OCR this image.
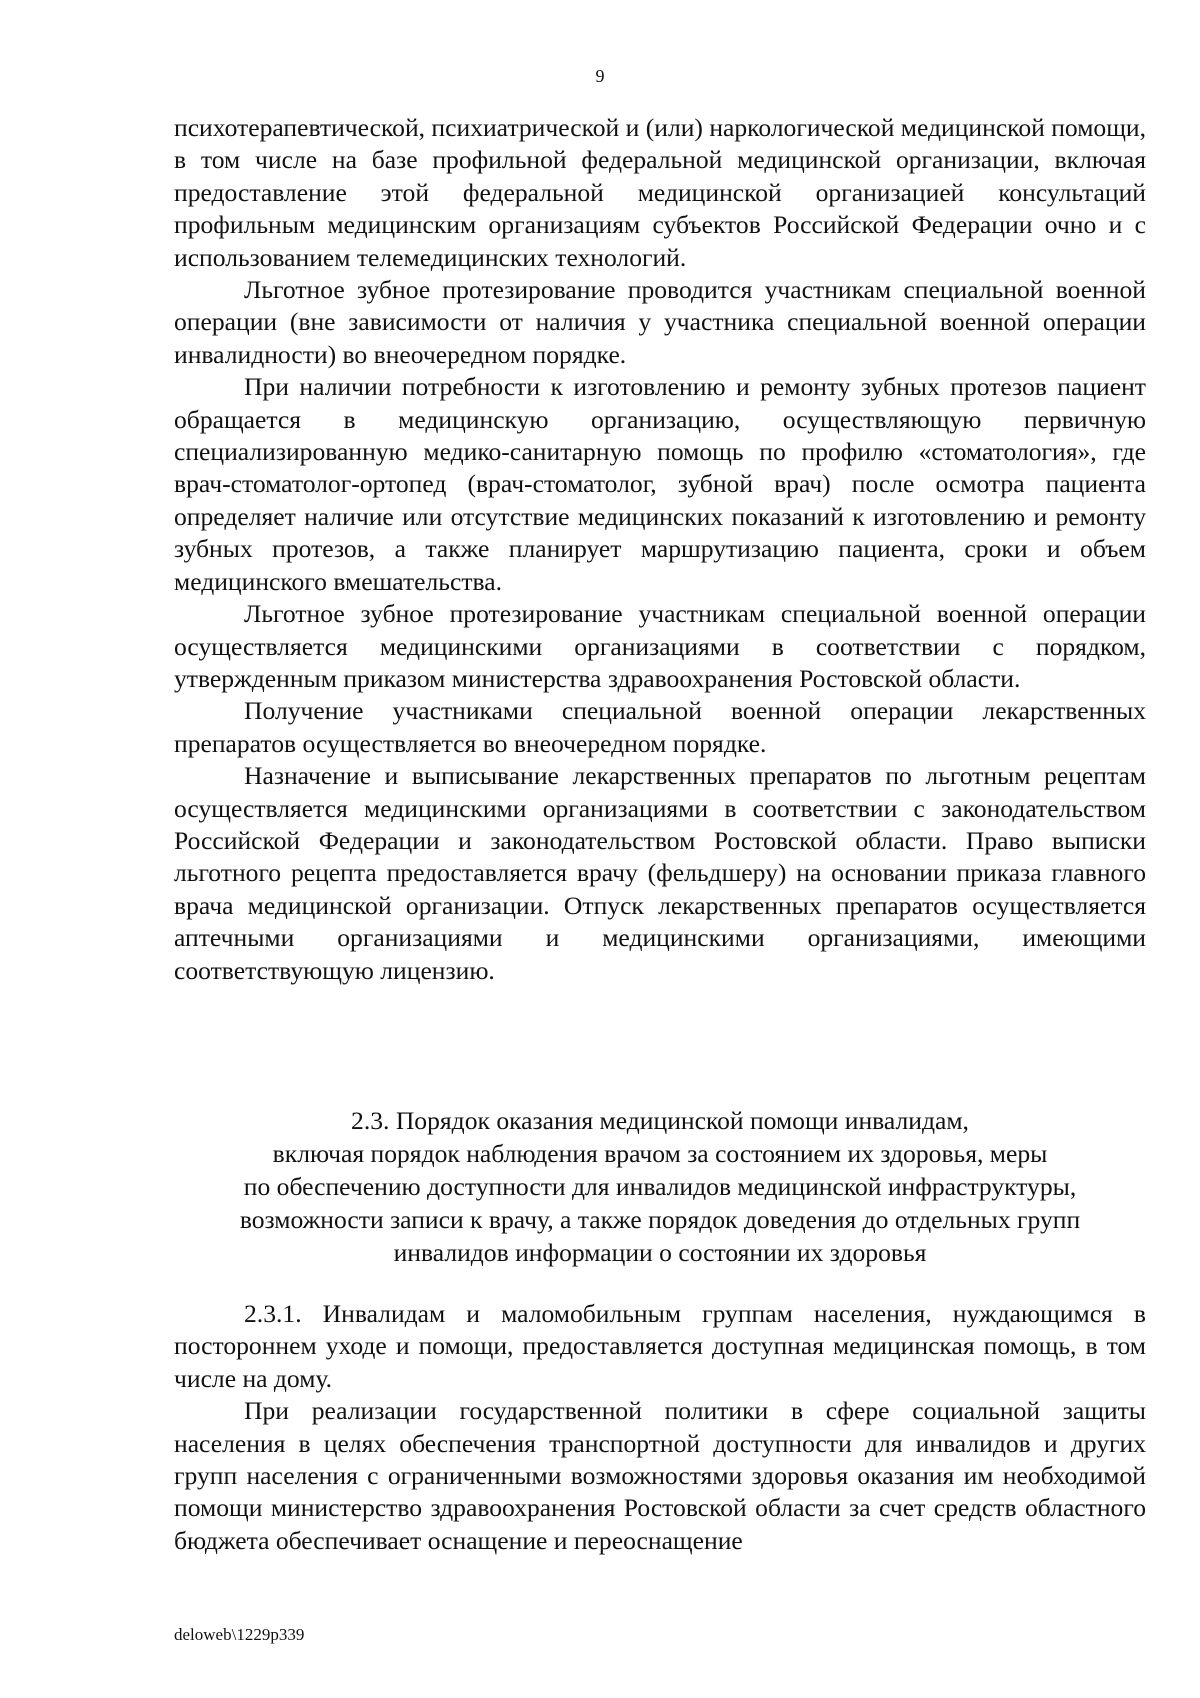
9

психотерапевтической, психиатрической и (или) наркологической медицинской помощи, в том числе на базе профильной федеральной медицинской организации, включая предоставление этой федеральной медицинской организацией консультаций профильным медицинским организациям субъектов Российской Федерации очно и с использованием телемедицинских технологий.

Льготное зубное протезирование проводится участникам специальной военной операции (вне зависимости от наличия у участника специальной военной операции инвалидности) во внеочередном порядке.

При наличии потребности к изготовлению и ремонту зубных протезов пациент обращается в медицинскую организацию, осуществляющую первичную специализированную медико-санитарную помощь по профилю «стоматология», где врач-стоматолог-ортопед (врач-стоматолог, зубной врач) после осмотра пациента определяет наличие или отсутствие медицинских показаний к изготовлению и ремонту зубных протезов, а также планирует маршрутизацию пациента, сроки и объем медицинского вмешательства.

Льготное зубное протезирование участникам специальной военной операции осуществляется медицинскими организациями в соответствии с порядком, утвержденным приказом министерства здравоохранения Ростовской области.

Получение участниками специальной военной операции лекарственных препаратов осуществляется во внеочередном порядке.

Назначение и выписывание лекарственных препаратов по льготным рецептам осуществляется медицинскими организациями в соответствии с законодательством Российской Федерации и законодательством Ростовской области. Право выписки льготного рецепта предоставляется врачу (фельдшеру) на основании приказа главного врача медицинской организации. Отпуск лекарственных препаратов осуществляется аптечными организациями и медицинскими организациями, имеющими соответствующую лицензию.

2.3. Порядок оказания медицинской помощи инвалидам,
включая порядок наблюдения врачом за состоянием их здоровья, меры
по обеспечению доступности для инвалидов медицинской инфраструктуры,
возможности записи к врачу, а также порядок доведения до отдельных групп
инвалидов информации о состоянии их здоровья

2.3.1. Инвалидам и маломобильным группам населения, нуждающимся в постороннем уходе и помощи, предоставляется доступная медицинская помощь, в том числе на дому.

При реализации государственной политики в сфере социальной защиты населения в целях обеспечения транспортной доступности для инвалидов и других групп населения с ограниченными возможностями здоровья оказания им необходимой помощи министерство здравоохранения Ростовской области за счет средств областного бюджета обеспечивает оснащение и переоснащение

deloweb\1229p339
